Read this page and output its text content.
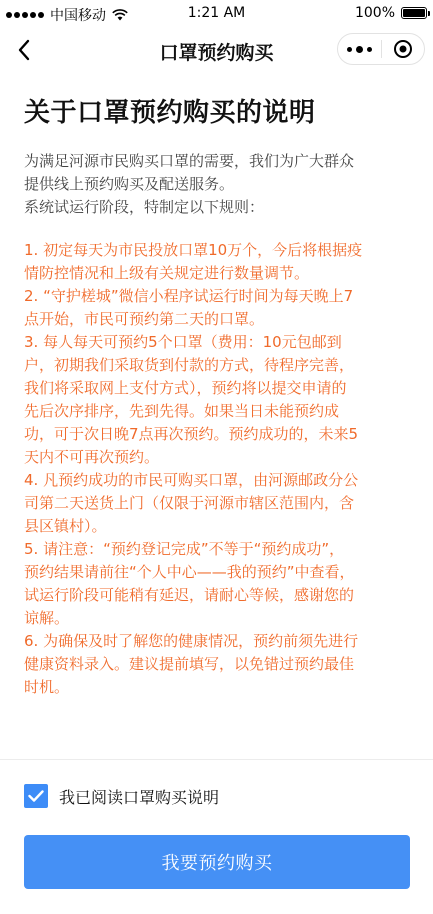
中国移动	1:21 AM	100%
口罩预约购买
关于口罩预约购买的说明

为满足河源市民购买口罩的需要，我们为广大群众

提供线上预约购买及配送服务。

系统试运行阶段，特制定以下规则：

1. 初定每天为市民投放口罩10万个，今后将根据疫

情防控情况和上级有关规定进行数量调节。

2. “守护槎城”微信小程序试运行时间为每天晚上7

点开始，市民可预约第二天的口罩。

3. 每人每天可预约5个口罩（费用：10元包邮到

户，初期我们采取货到付款的方式，待程序完善，

我们将采取网上支付方式），预约将以提交申请的

先后次序排序，先到先得。如果当日未能预约成

功，可于次日晚7点再次预约。预约成功的，未来5

天内不可再次预约。

4. 凡预约成功的市民可购买口罩，由河源邮政分公

司第二天送货上门（仅限于河源市辖区范围内，含

县区镇村）。

5. 请注意：“预约登记完成”不等于“预约成功”，

预约结果请前往“个人中心——我的预约”中查看，

试运行阶段可能稍有延迟，请耐心等候，感谢您的

谅解。

6. 为确保及时了解您的健康情况，预约前须先进行

健康资料录入。建议提前填写，以免错过预约最佳

时机。

我已阅读口罩购买说明
我要预约购买
